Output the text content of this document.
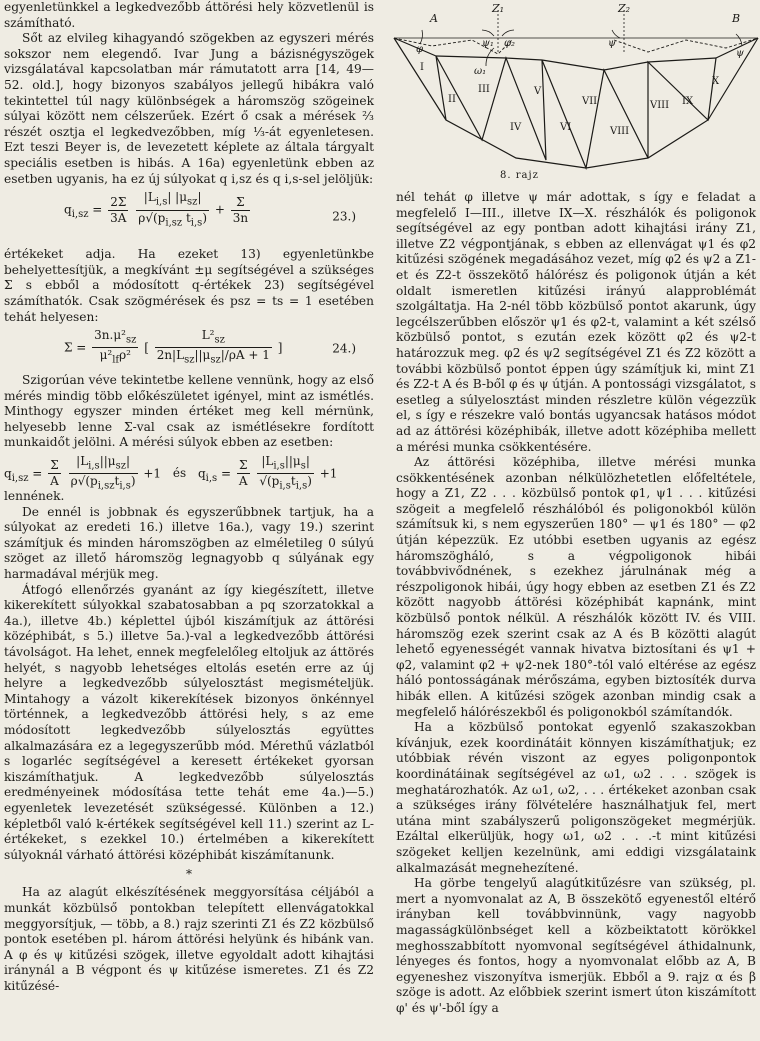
A	B
Z₁	Z₂
φ	ψ
ψ₁ φ₂
ω₁
ψ
I
II
III
IV
V
VI
VII
VIII
VIII IX
X
8. rajz

egyenletünkkel a legkedvezőbb áttörési hely közvetlenül is számítható.

Sőt az elvileg kihagyandó szögekben az egyszeri mérés sokszor nem elegendő. Ivar Jung a bázisnégyszögek vizsgálatával kapcsolatban már rámutatott arra [14, 49—52. old.], hogy bizonyos szabályos jellegű hibákra való tekintettel túl nagy különbségek a háromszög szögeinek súlyai között nem célszerűek. Ezért ő csak a mérések ⅔ részét osztja el legkedvezőbben, míg ⅓-át egyenletesen. Ezt teszi Beyer is, de levezetett képlete az általa tárgyalt speciális esetben is hibás. A 16a) egyenletünk ebben az esetben ugyanis, ha ez új súlyokat q i,sz és q i,s-sel jelöljük:

$q_{i,sz} = \frac{2\Sigma}{3A}$
$\frac{|L_{i,s}| |\mu_{sz}|}{\rho√(p_{i,sz} t_{i,s})} + \frac{\Sigma}{3n}$	23.)

értékeket adja. Ha ezeket 13) egyenletünkbe behelyettesítjük, a megkívánt ±μ segítségével a szükséges Σ s ebből a módosított q-értékek 23) segítségével számíthatók. Csak szögmérések és psz = ts = 1 esetében tehát helyesen:

$\Sigma = \frac{3n.\mu^2_{sz}}{\mu^2_{lf}\rho^2}$ [ $\frac{L^2_{sz}}{2n|L_{sz}||\mu_{sz}|/\rho A + 1}$ ]	24.)

Szigorúan véve tekintetbe kellene vennünk, hogy az első mérés mindig több előkészületet igényel, mint az ismétlés. Minthogy egyszer minden értéket meg kell mérnünk, helyesebb lenne Σ-val csak az ismétlésekre fordított munkaidőt jelölni. A mérési súlyok ebben az esetben:

$q_{i,sz} = \frac{\Sigma}{A}$
$\frac{|L_{i,s}||\mu_{sz}|}{\rho√(p_{i,sz}t_{i,s})} +1$ és $q_{i,s} = \frac{\Sigma}{A}$
$\frac{|L_{i,s}||\mu_s|}{√(p_{i,s}t_{i,s})} +1$

lennének.

De ennél is jobbnak és egyszerűbbnek tartjuk, ha a súlyokat az eredeti 16.) illetve 16a.), vagy 19.) szerint számítjuk és minden háromszögben az elméletileg 0 súlyú szöget az illető háromszög legnagyobb q súlyának egy harmadával mérjük meg.

Átfogó ellenőrzés gyanánt az így kiegészített, illetve kikerekített súlyokkal szabatosabban a pq szorzatokkal a 4a.), illetve 4b.) képlettel újból kiszámítjuk az áttörési középhibát, s 5.) illetve 5a.)-val a legkedvezőbb áttörési távolságot. Ha lehet, ennek megfelelőleg eltoljuk az áttörés helyét, s nagyobb lehetséges eltolás esetén erre az új helyre a legkedvezőbb súlyelosztást megismételjük. Mintahogy a vázolt kikerekítések bizonyos önkénnyel történnek, a legkedvezőbb áttörési hely, s az eme módosított legkedvezőbb súlyelosztás együttes alkalmazására ez a legegyszerűbb mód. Mérethű vázlatból s logarléc segítségével a keresett értékeket gyorsan kiszámíthatjuk. A legkedvezőbb súlyelosztás eredményeinek módosítása tette tehát eme 4a.)—5.) egyenletek levezetését szükségessé. Különben a 12.) képletből való k-értékek segítségével kell 11.) szerint az L-értékeket, s ezekkel 10.) értelmében a kikerekített súlyoknál várható áttörési középhibát kiszámítanunk.

*

Ha az alagút elkészítésének meggyorsítása céljából a munkát közbülső pontokban telepített ellenvágatokkal meggyorsítjuk, — több, a 8.) rajz szerinti Z1 és Z2 közbülső pontok esetében pl. három áttörési helyünk és hibánk van. A φ és ψ kitűzési szögek, illetve egyoldalt adott kihajtási iránynál a B végpont és ψ kitűzése ismeretes. Z1 és Z2 kitűzésé-

nél tehát φ illetve ψ már adottak, s így e feladat a megfelelő I—III., illetve IX—X. részhálók és poligonok segítségével az egy pontban adott kihajtási irány Z1, illetve Z2 végpontjának, s ebben az ellenvágat ψ1 és φ2 kitűzési szögének megadásához vezet, míg φ2 és ψ2 a Z1-et és Z2-t összekötő hálórész és poligonok útján a két oldalt ismeretlen kitűzési irányú alapproblémát szolgáltatja. Ha 2-nél több közbülső pontot akarunk, úgy legcélszerűbben először ψ1 és φ2-t, valamint a két szélső közbülső pontot, s ezután ezek között φ2 és ψ2-t határozzuk meg. φ2 és ψ2 segítségével Z1 és Z2 között a további közbülső pontot éppen úgy számítjuk ki, mint Z1 és Z2-t A és B-ből φ és ψ útján. A pontossági vizsgálatot, s esetleg a súlyelosztást minden részletre külön végezzük el, s így e részekre való bontás ugyancsak hatásos módot ad az áttörési középhibák, illetve adott középhiba mellett a mérési munka csökkentésére.

Az áttörési középhiba, illetve mérési munka csökkentésének azonban nélkülözhetetlen előfeltétele, hogy a Z1, Z2 . . . közbülső pontok φ1, ψ1 . . . kitűzési szögeit a megfelelő részhálóból és poligonokból külön számítsuk ki, s nem egyszerűen 180° — ψ1 és 180° — φ2 útján képezzük. Ez utóbbi esetben ugyanis az egész háromszögháló, s a végpoligonok hibái továbbvivődnének, s ezekhez járulnának még a részpoligonok hibái, úgy hogy ebben az esetben Z1 és Z2 között nagyobb áttörési középhibát kapnánk, mint közbülső pontok nélkül. A részhálók között IV. és VIII. háromszög ezek szerint csak az A és B közötti alagút lehető egyenességét vannak hivatva biztosítani és ψ1 + φ2, valamint φ2 + ψ2-nek 180°-tól való eltérése az egész háló pontosságának mérőszáma, egyben biztosíték durva hibák ellen. A kitűzési szögek azonban mindig csak a megfelelő hálórészekből és poligonokból számítandók.

Ha a közbülső pontokat egyenlő szakaszokban kívánjuk, ezek koordinátáit könnyen kiszámíthatjuk; ez utóbbiak révén viszont az egyes poligonpontok koordinátáinak segítségével az ω1, ω2 . . . szögek is meghatározhatók. Az ω1, ω2, . . . értékeket azonban csak a szükséges irány fölvételére használhatjuk fel, mert utána mint szabályszerű poligonszögeket megmérjük. Ezáltal elkerüljük, hogy ω1, ω2 . . .-t mint kitűzési szögeket kelljen kezelnünk, ami eddigi vizsgálataink alkalmazását megnehezítené.

Ha görbe tengelyű alagútkitűzésre van szükség, pl. mert a nyomvonalat az A, B összekötő egyenestől eltérő irányban kell továbbvinnünk, vagy nagyobb magasságkülönbséget kell a közbeiktatott körökkel meghosszabbított nyomvonal segítségével áthidalnunk, lényeges és fontos, hogy a nyomvonalat előbb az A, B egyeneshez viszonyítva ismerjük. Ebből a 9. rajz α és β szöge is adott. Az előbbiek szerint ismert úton kiszámított φ' és ψ'-ből így a
